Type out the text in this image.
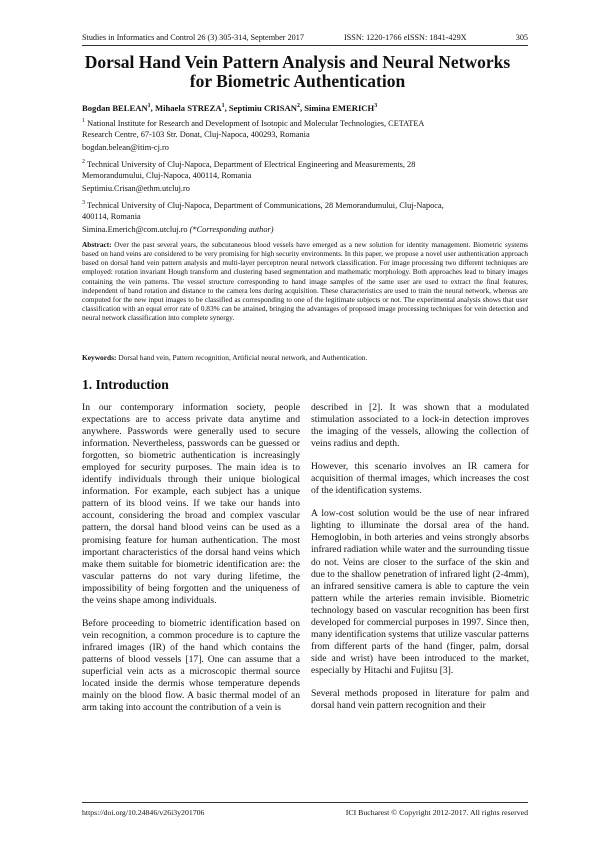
Studies in Informatics and Control 26 (3) 305-314, September 2017	ISSN: 1220-1766 eISSN: 1841-429X	305
Dorsal Hand Vein Pattern Analysis and Neural Networks
for Biometric Authentication
Bogdan BELEAN$^1$, Mihaela STREZA$^1$, Septimiu CRISAN$^2$, Simina EMERICH$^3$
$^1$ National Institute for Research and Development of Isotopic and Molecular Technologies, CETATEA
Research Centre, 67-103 Str. Donat, Cluj-Napoca, 400293, Romania
bogdan.belean@itim-cj.ro
$^2$ Technical University of Cluj-Napoca, Department of Electrical Engineering and Measurements, 28
Memorandumului, Cluj-Napoca, 400114, Romania
Septimiu.Crisan@ethm.utcluj.ro
$^3$ Technical University of Cluj-Napoca, Department of Communications, 28 Memorandumului, Cluj-Napoca,
400114, Romania
Simina.Emerich@com.utcluj.ro (*Corresponding author)
Abstract: Over the past several years, the subcutaneous blood vessels have emerged as a new solution for identity management. Biometric systems based on hand veins are considered to be very promising for high security environments. In this paper, we propose a novel user authentication approach based on dorsal hand vein pattern analysis and multi-layer perceptron neural network classification. For image processing two different techniques are employed: rotation invariant Hough transform and clustering based segmentation and mathematic morphology. Both approaches lead to binary images containing the vein patterns. The vessel structure corresponding to hand image samples of the same user are used to extract the final features, independent of hand rotation and distance to the camera lens during acquisition. These characteristics are used to train the neural network, whereas are computed for the new input images to be classified as corresponding to one of the legitimate subjects or not. The experimental analysis shows that user classification with an equal error rate of 0.83% can be attained, bringing the advantages of proposed image processing techniques for vein detection and neural network classification into complete synergy.
Keywords: Dorsal hand vein, Pattern recognition, Artificial neural network, and Authentication.
1. Introduction

In our contemporary information society, people expectations are to access private data anytime and anywhere. Passwords were generally used to secure information. Nevertheless, passwords can be guessed or forgotten, so biometric authentication is increasingly employed for security purposes. The main idea is to identify individuals through their unique biological information. For example, each subject has a unique pattern of its blood veins. If we take our hands into account, considering the broad and complex vascular pattern, the dorsal hand blood veins can be used as a promising feature for human authentication. The most important characteristics of the dorsal hand veins which make them suitable for biometric identification are: the vascular patterns do not vary during lifetime, the impossibility of being forgotten and the uniqueness of the veins shape among individuals.

Before proceeding to biometric identification based on vein recognition, a common procedure is to capture the infrared images (IR) of the hand which contains the patterns of blood vessels [17]. One can assume that a superficial vein acts as a microscopic thermal source located inside the dermis whose temperature depends mainly on the blood flow. A basic thermal model of an arm taking into account the contribution of a vein is

described in [2]. It was shown that a modulated stimulation associated to a lock-in detection improves the imaging of the vessels, allowing the collection of veins radius and depth.

However, this scenario involves an IR camera for acquisition of thermal images, which increases the cost of the identification systems.

A low-cost solution would be the use of near infrared lighting to illuminate the dorsal area of the hand. Hemoglobin, in both arteries and veins strongly absorbs infrared radiation while water and the surrounding tissue do not. Veins are closer to the surface of the skin and due to the shallow penetration of infrared light (2-4mm), an infrared sensitive camera is able to capture the vein pattern while the arteries remain invisible. Biometric technology based on vascular recognition has been first developed for commercial purposes in 1997. Since then, many identification systems that utilize vascular patterns from different parts of the hand (finger, palm, dorsal side and wrist) have been introduced to the market, especially by Hitachi and Fujitsu [3].

Several methods proposed in literature for palm and dorsal hand vein pattern recognition and their

https://doi.org/10.24846/v26i3y201706	ICI Bucharest © Copyright 2012-2017. All rights reserved
